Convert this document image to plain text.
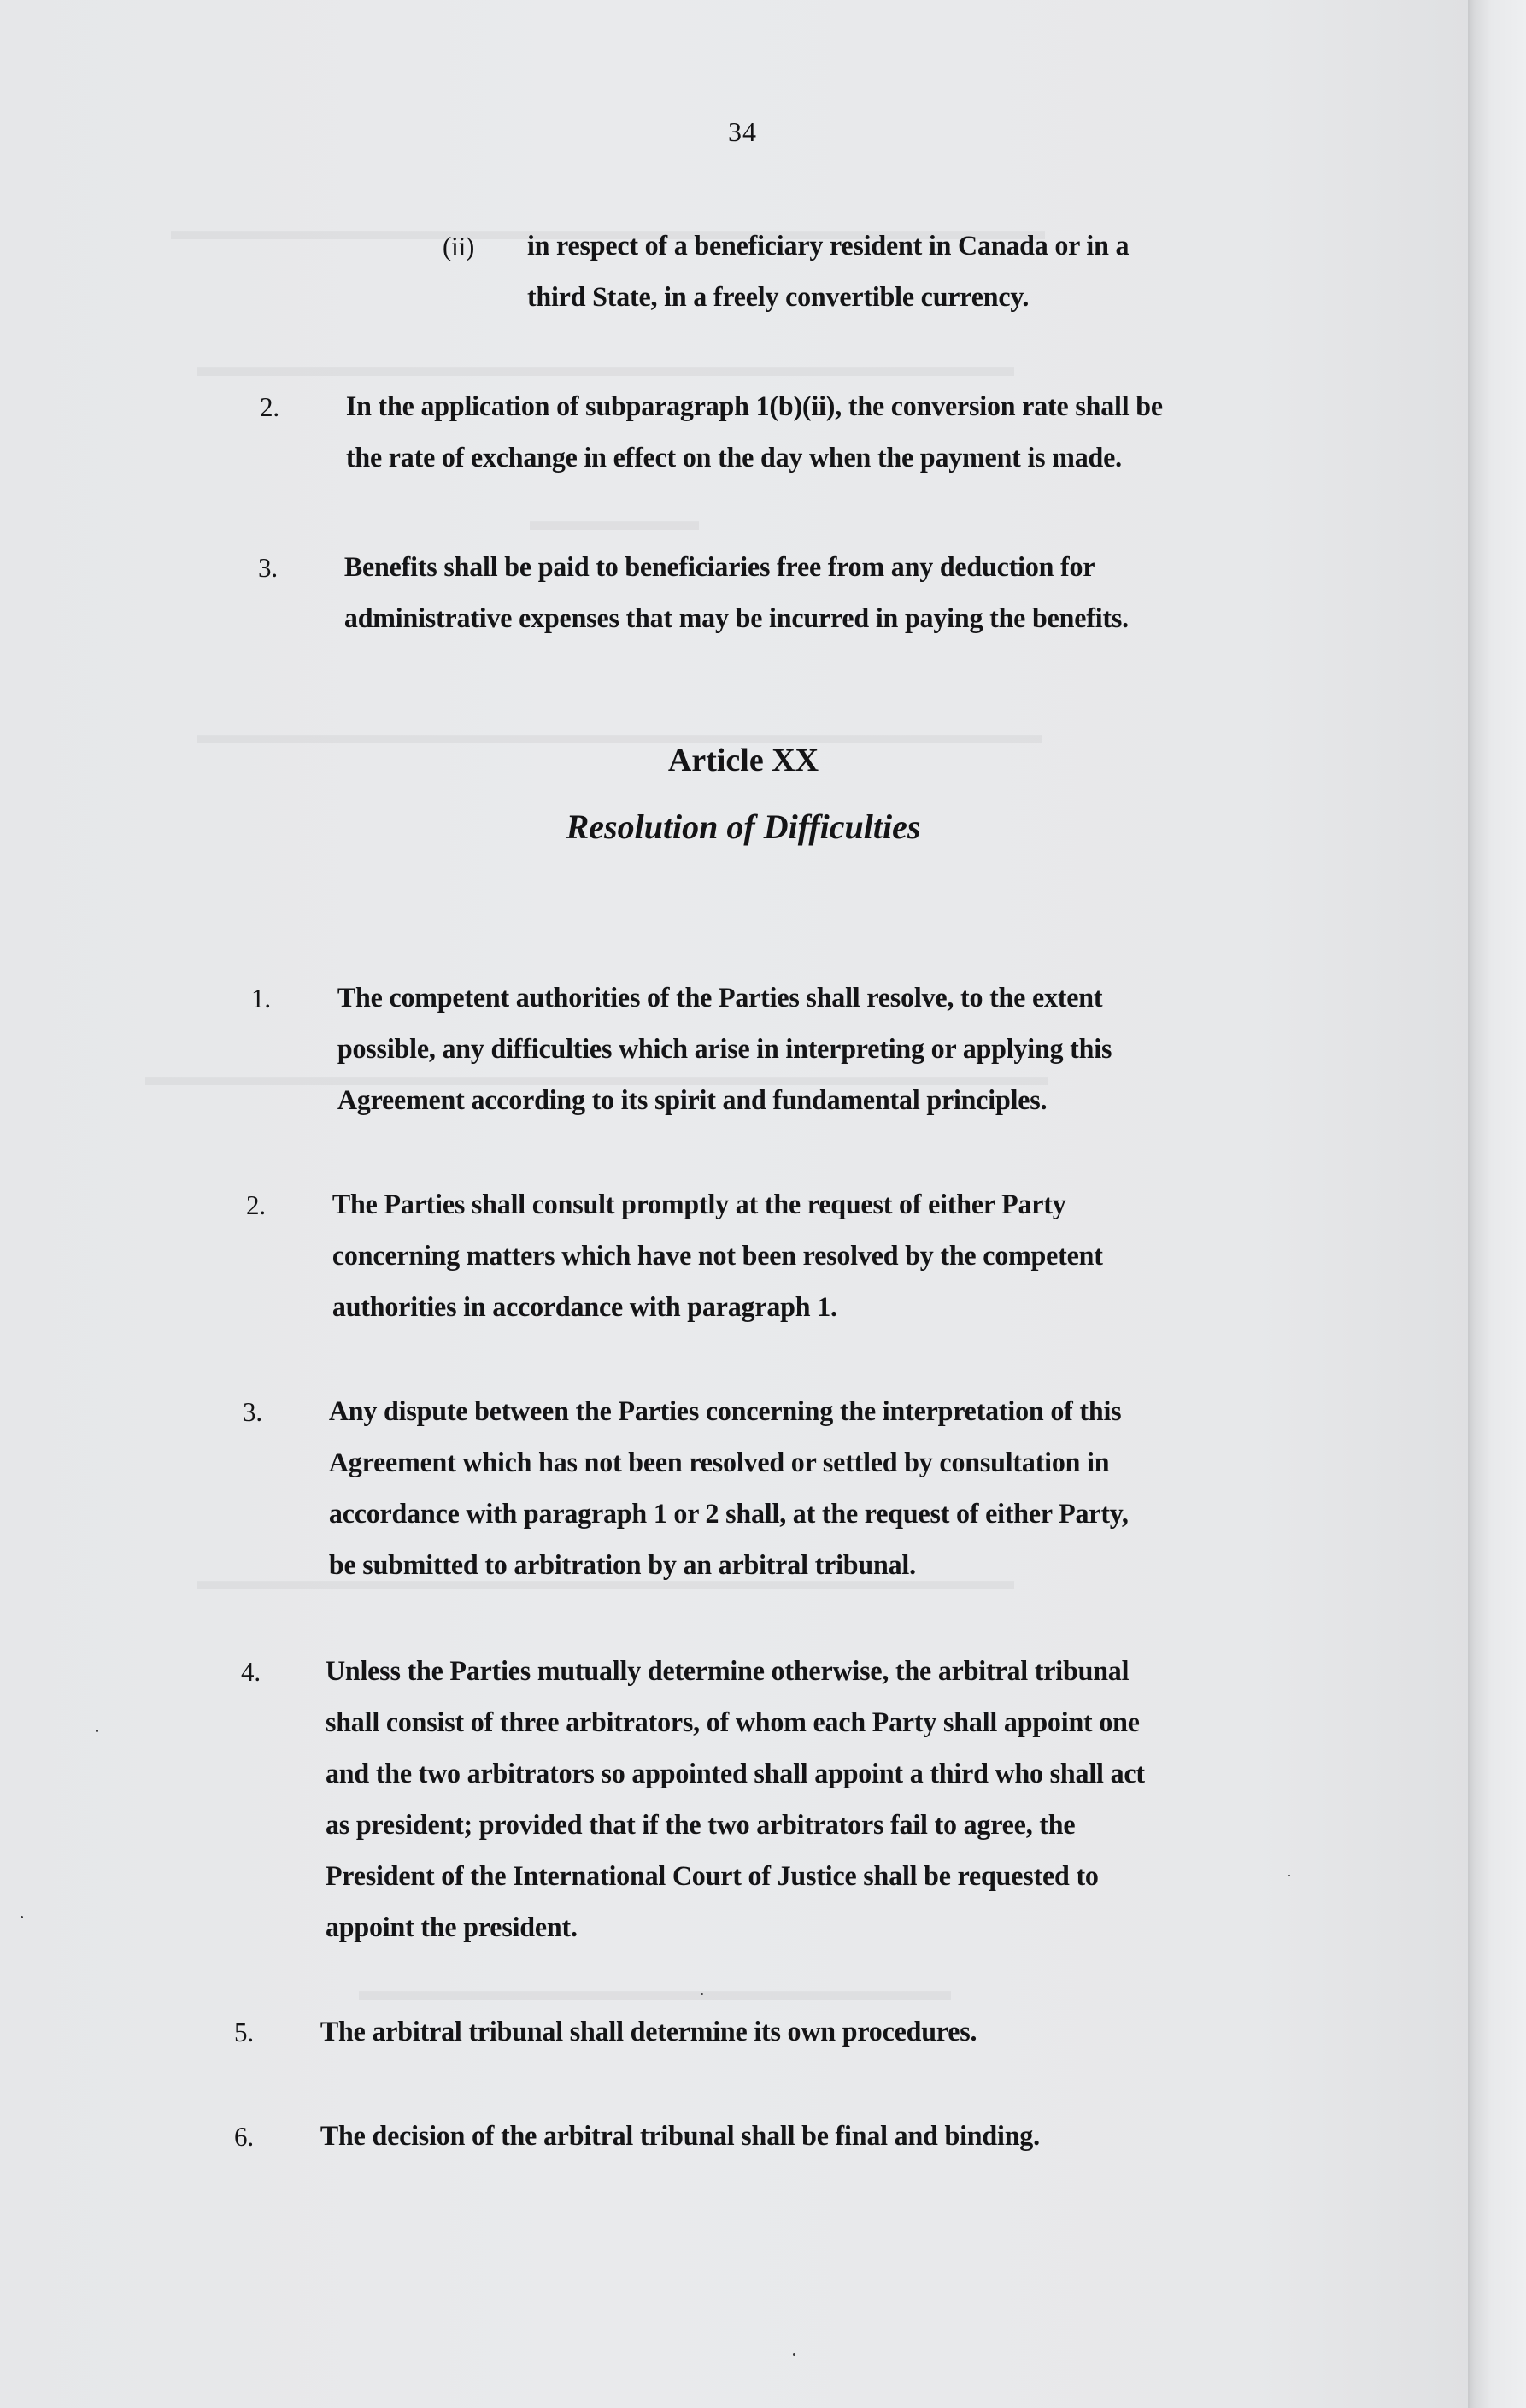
34
(ii) in respect of a beneficiary resident in Canada or in a
third State, in a freely convertible currency.
2. In the application of subparagraph 1(b)(ii), the conversion rate shall be
the rate of exchange in effect on the day when the payment is made.
3. Benefits shall be paid to beneficiaries free from any deduction for
administrative expenses that may be incurred in paying the benefits.
Article XX
Resolution of Difficulties
1. The competent authorities of the Parties shall resolve, to the extent
possible, any difficulties which arise in interpreting or applying this
Agreement according to its spirit and fundamental principles.
2. The Parties shall consult promptly at the request of either Party
concerning matters which have not been resolved by the competent
authorities in accordance with paragraph 1.
3. Any dispute between the Parties concerning the interpretation of this
Agreement which has not been resolved or settled by consultation in
accordance with paragraph 1 or 2 shall, at the request of either Party,
be submitted to arbitration by an arbitral tribunal.
4. Unless the Parties mutually determine otherwise, the arbitral tribunal
shall consist of three arbitrators, of whom each Party shall appoint one
and the two arbitrators so appointed shall appoint a third who shall act
as president; provided that if the two arbitrators fail to agree, the
President of the International Court of Justice shall be requested to
appoint the president.
5. The arbitral tribunal shall determine its own procedures.
6. The decision of the arbitral tribunal shall be final and binding.
